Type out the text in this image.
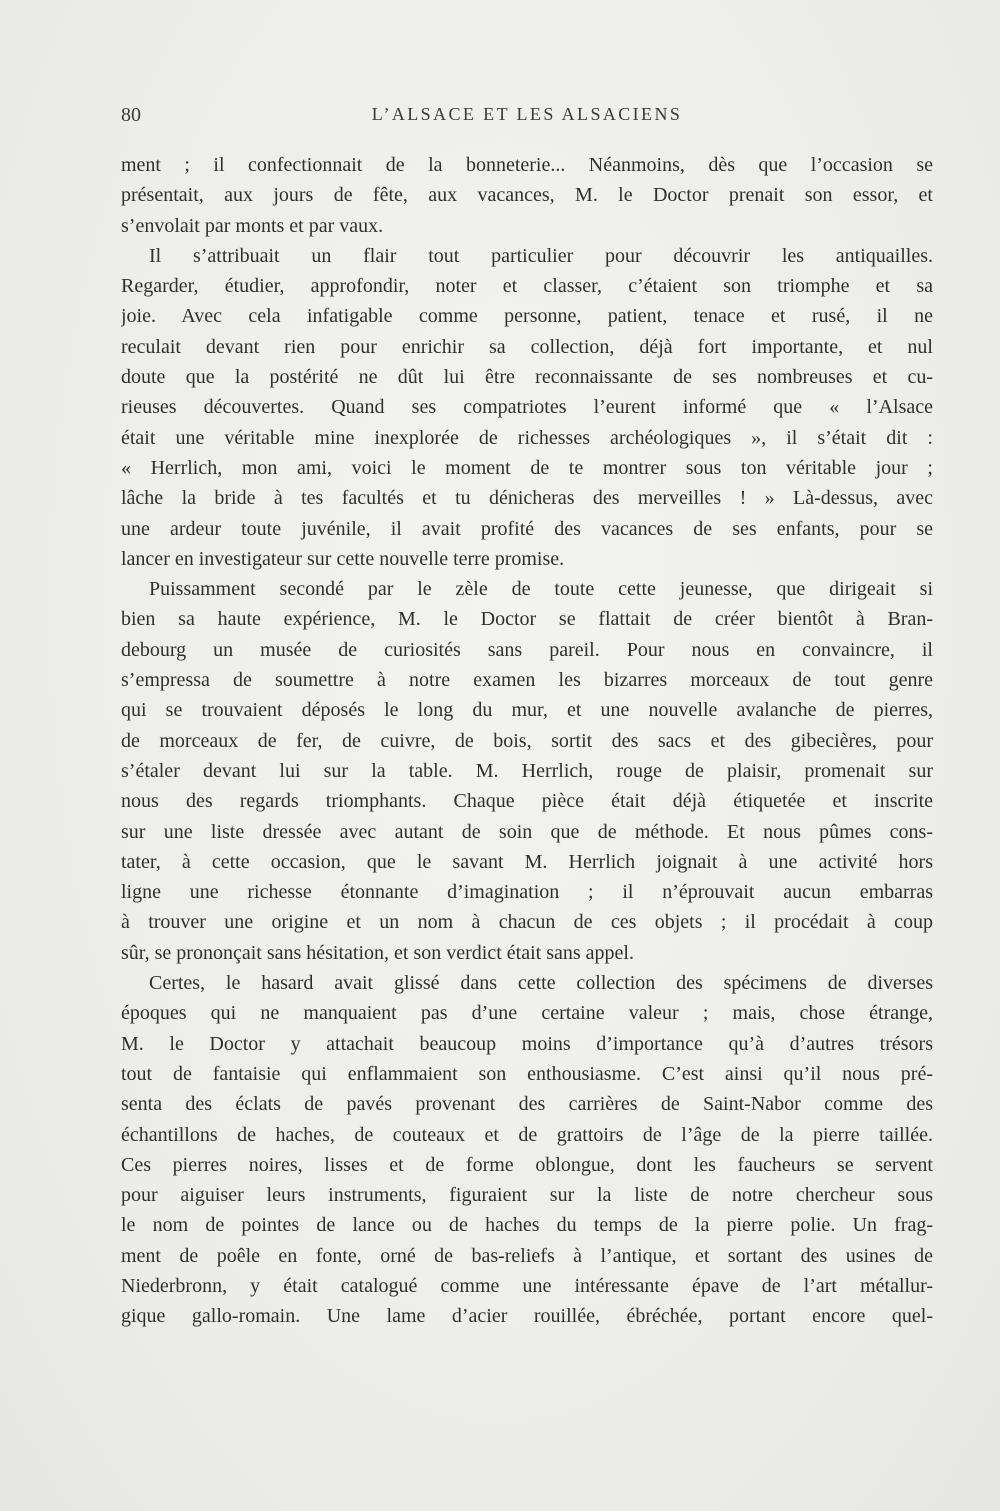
80	L’ALSACE ET LES ALSACIENS
ment ; il confectionnait de la bonneterie... Néanmoins, dès que l’occasion se
présentait, aux jours de fête, aux vacances, M. le Doctor prenait son essor, et
s’envolait par monts et par vaux.
Il s’attribuait un flair tout particulier pour découvrir les antiquailles.
Regarder, étudier, approfondir, noter et classer, c’étaient son triomphe et sa
joie. Avec cela infatigable comme personne, patient, tenace et rusé, il ne
reculait devant rien pour enrichir sa collection, déjà fort importante, et nul
doute que la postérité ne dût lui être reconnaissante de ses nombreuses et cu-
rieuses découvertes. Quand ses compatriotes l’eurent informé que « l’Alsace
était une véritable mine inexplorée de richesses archéologiques », il s’était dit :
« Herrlich, mon ami, voici le moment de te montrer sous ton véritable jour ;
lâche la bride à tes facultés et tu dénicheras des merveilles ! » Là-dessus, avec
une ardeur toute juvénile, il avait profité des vacances de ses enfants, pour se
lancer en investigateur sur cette nouvelle terre promise.
Puissamment secondé par le zèle de toute cette jeunesse, que dirigeait si
bien sa haute expérience, M. le Doctor se flattait de créer bientôt à Bran-
debourg un musée de curiosités sans pareil. Pour nous en convaincre, il
s’empressa de soumettre à notre examen les bizarres morceaux de tout genre
qui se trouvaient déposés le long du mur, et une nouvelle avalanche de pierres,
de morceaux de fer, de cuivre, de bois, sortit des sacs et des gibecières, pour
s’étaler devant lui sur la table. M. Herrlich, rouge de plaisir, promenait sur
nous des regards triomphants. Chaque pièce était déjà étiquetée et inscrite
sur une liste dressée avec autant de soin que de méthode. Et nous pûmes cons-
tater, à cette occasion, que le savant M. Herrlich joignait à une activité hors
ligne une richesse étonnante d’imagination ; il n’éprouvait aucun embarras
à trouver une origine et un nom à chacun de ces objets ; il procédait à coup
sûr, se prononçait sans hésitation, et son verdict était sans appel.
Certes, le hasard avait glissé dans cette collection des spécimens de diverses
époques qui ne manquaient pas d’une certaine valeur ; mais, chose étrange,
M. le Doctor y attachait beaucoup moins d’importance qu’à d’autres trésors
tout de fantaisie qui enflammaient son enthousiasme. C’est ainsi qu’il nous pré-
senta des éclats de pavés provenant des carrières de Saint-Nabor comme des
échantillons de haches, de couteaux et de grattoirs de l’âge de la pierre taillée.
Ces pierres noires, lisses et de forme oblongue, dont les faucheurs se servent
pour aiguiser leurs instruments, figuraient sur la liste de notre chercheur sous
le nom de pointes de lance ou de haches du temps de la pierre polie. Un frag-
ment de poêle en fonte, orné de bas-reliefs à l’antique, et sortant des usines de
Niederbronn, y était catalogué comme une intéressante épave de l’art métallur-
gique gallo-romain. Une lame d’acier rouillée, ébréchée, portant encore quel-
